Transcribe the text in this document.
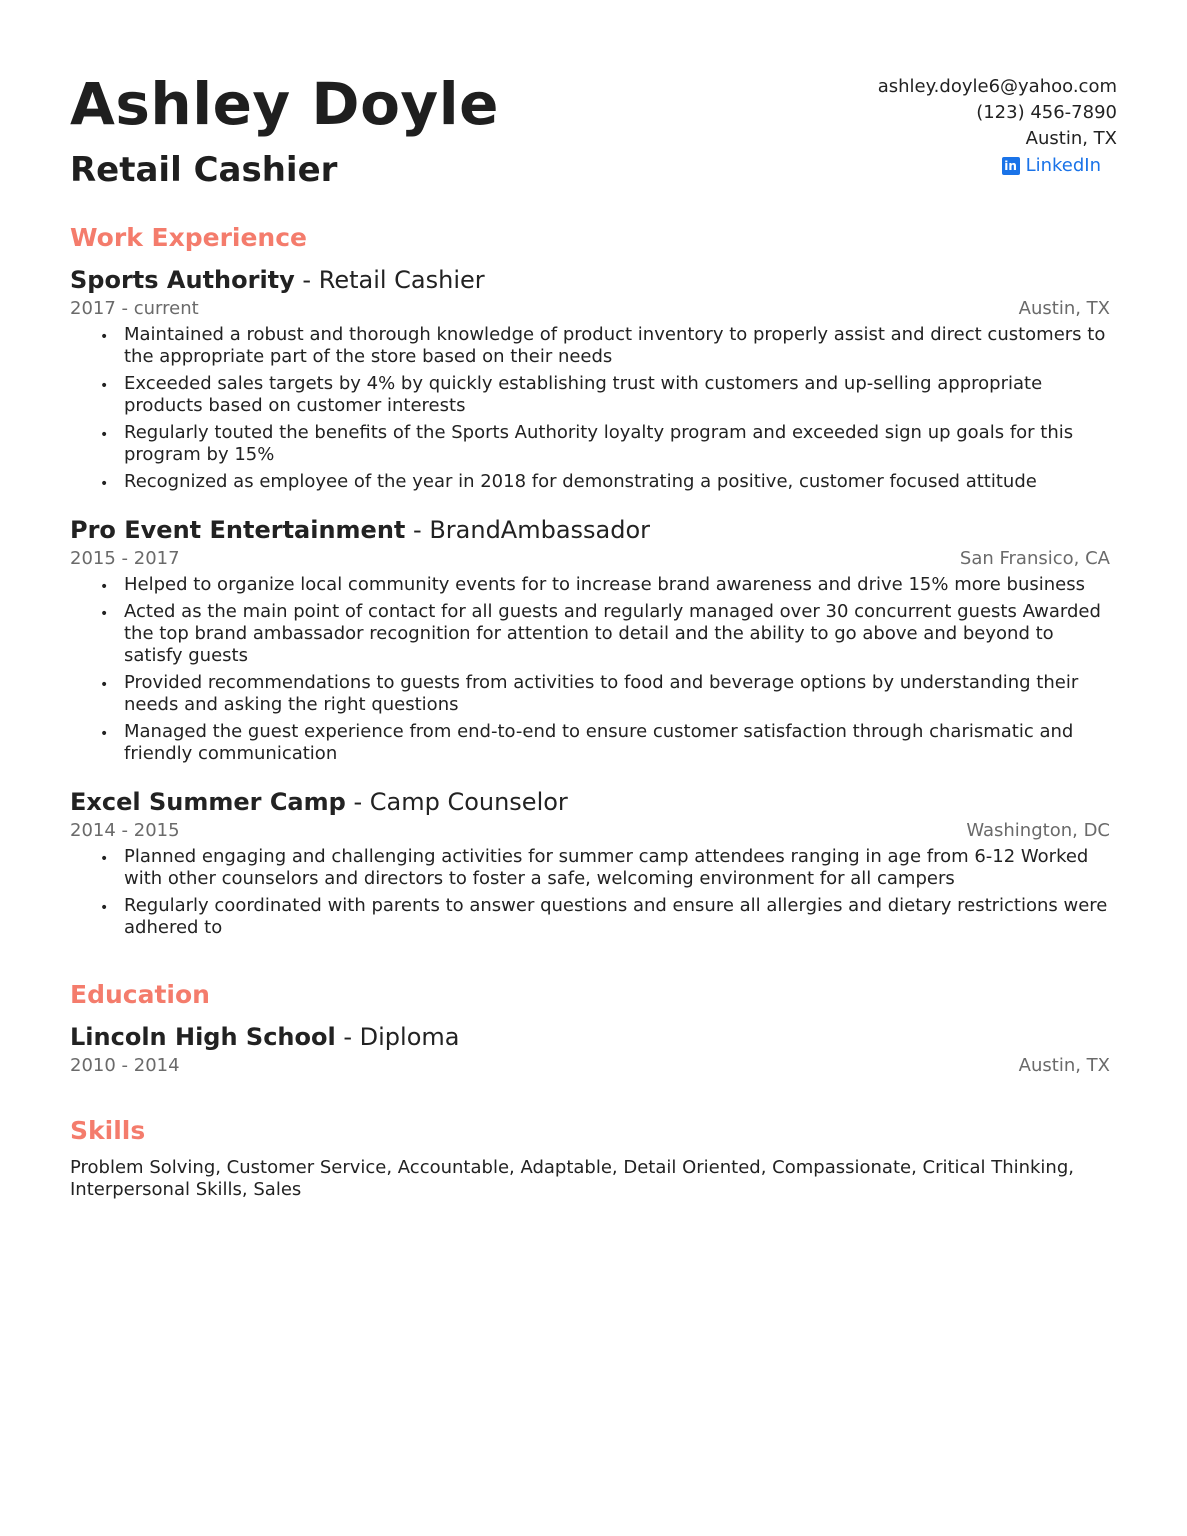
Ashley Doyle
Retail Cashier
ashley.doyle6@yahoo.com
(123) 456-7890
Austin, TX
in LinkedIn
Work Experience

Sports Authority - Retail Cashier

2017 - current	Austin, TX
• Maintained a robust and thorough knowledge of product inventory to properly assist and direct customers to the appropriate part of the store based on their needs
• Exceeded sales targets by 4% by quickly establishing trust with customers and up-selling appropriate products based on customer interests
• Regularly touted the benefits of the Sports Authority loyalty program and exceeded sign up goals for this program by 15%
• Recognized as employee of the year in 2018 for demonstrating a positive, customer focused attitude

Pro Event Entertainment - BrandAmbassador

2015 - 2017	San Fransico, CA
• Helped to organize local community events for to increase brand awareness and drive 15% more business
• Acted as the main point of contact for all guests and regularly managed over 30 concurrent guests Awarded the top brand ambassador recognition for attention to detail and the ability to go above and beyond to satisfy guests
• Provided recommendations to guests from activities to food and beverage options by understanding their needs and asking the right questions
• Managed the guest experience from end-to-end to ensure customer satisfaction through charismatic and friendly communication

Excel Summer Camp - Camp Counselor

2014 - 2015	Washington, DC
• Planned engaging and challenging activities for summer camp attendees ranging in age from 6-12 Worked with other counselors and directors to foster a safe, welcoming environment for all campers
• Regularly coordinated with parents to answer questions and ensure all allergies and dietary restrictions were adhered to
Education

Lincoln High School - Diploma

2010 - 2014	Austin, TX
Skills

Problem Solving, Customer Service, Accountable, Adaptable, Detail Oriented, Compassionate, Critical Thinking, Interpersonal Skills, Sales
